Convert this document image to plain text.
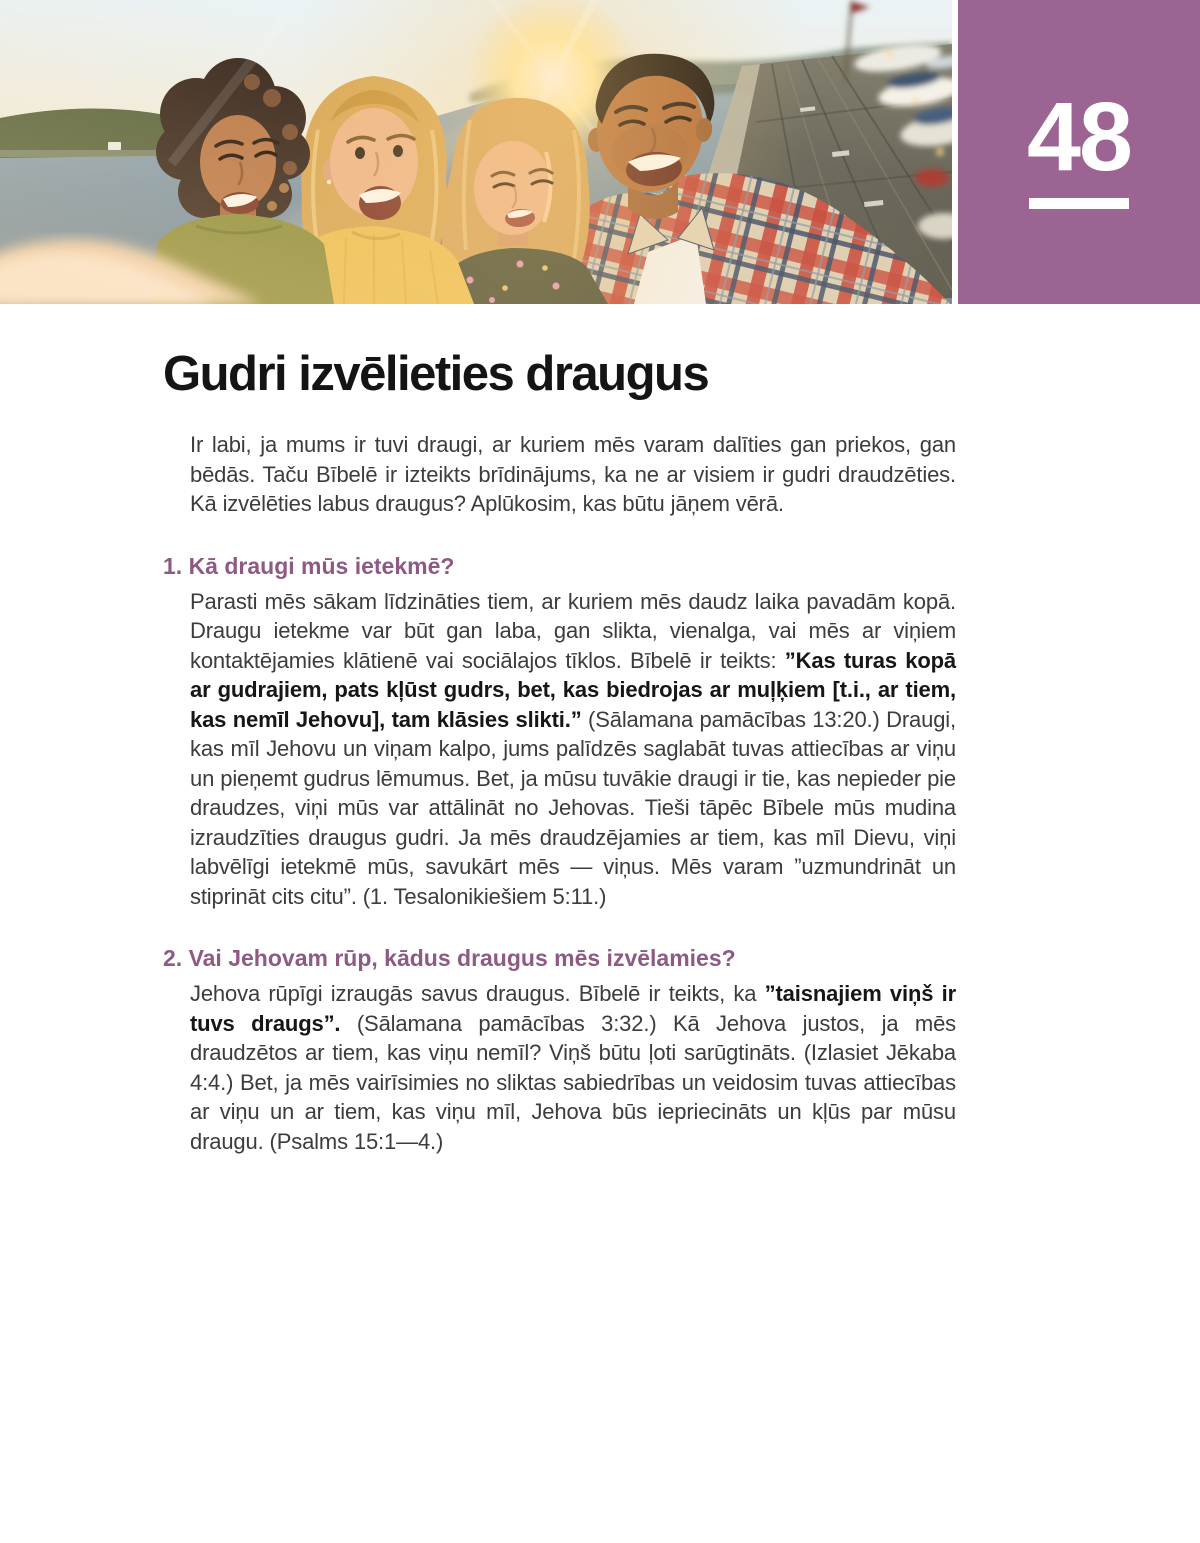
48
Gudri izvēlieties draugus

Ir labi, ja mums ir tuvi draugi, ar kuriem mēs varam dalīties gan priekos, gan bēdās. Taču Bībelē ir izteikts brīdinājums, ka ne ar visiem ir gudri draudzēties. Kā izvēlēties labus draugus? Aplūkosim, kas būtu jāņem vērā.

1. Kā draugi mūs ietekmē?

Parasti mēs sākam līdzināties tiem, ar kuriem mēs daudz laika pavadām kopā. Draugu ietekme var būt gan laba, gan slikta, vienalga, vai mēs ar viņiem kontaktējamies klātienē vai sociālajos tīklos. Bībelē ir teikts: ”Kas turas kopā ar gudrajiem, pats kļūst gudrs, bet, kas biedrojas ar muļķiem [t.i., ar tiem, kas nemīl Jehovu], tam klāsies slikti.” (Sālamana pamācības 13:20.) Draugi, kas mīl Jehovu un viņam kalpo, jums palīdzēs saglabāt tuvas attiecības ar viņu un pieņemt gudrus lēmumus. Bet, ja mūsu tuvākie draugi ir tie, kas nepieder pie draudzes, viņi mūs var attālināt no Jehovas. Tieši tāpēc Bībele mūs mudina izraudzīties draugus gudri. Ja mēs draudzējamies ar tiem, kas mīl Dievu, viņi labvēlīgi ietekmē mūs, savukārt mēs — viņus. Mēs varam ”uzmundrināt un stiprināt cits citu”. (1. Tesalonikiešiem 5:11.)

2. Vai Jehovam rūp, kādus draugus mēs izvēlamies?

Jehova rūpīgi izraugās savus draugus. Bībelē ir teikts, ka ”taisnajiem viņš ir tuvs draugs”. (Sālamana pamācības 3:32.) Kā Jehova justos, ja mēs draudzētos ar tiem, kas viņu nemīl? Viņš būtu ļoti sarūgtināts. (Izlasiet Jēkaba 4:4.) Bet, ja mēs vairīsimies no sliktas sabiedrības un veidosim tuvas attiecības ar viņu un ar tiem, kas viņu mīl, Jehova būs iepriecināts un kļūs par mūsu draugu. (Psalms 15:1—4.)
